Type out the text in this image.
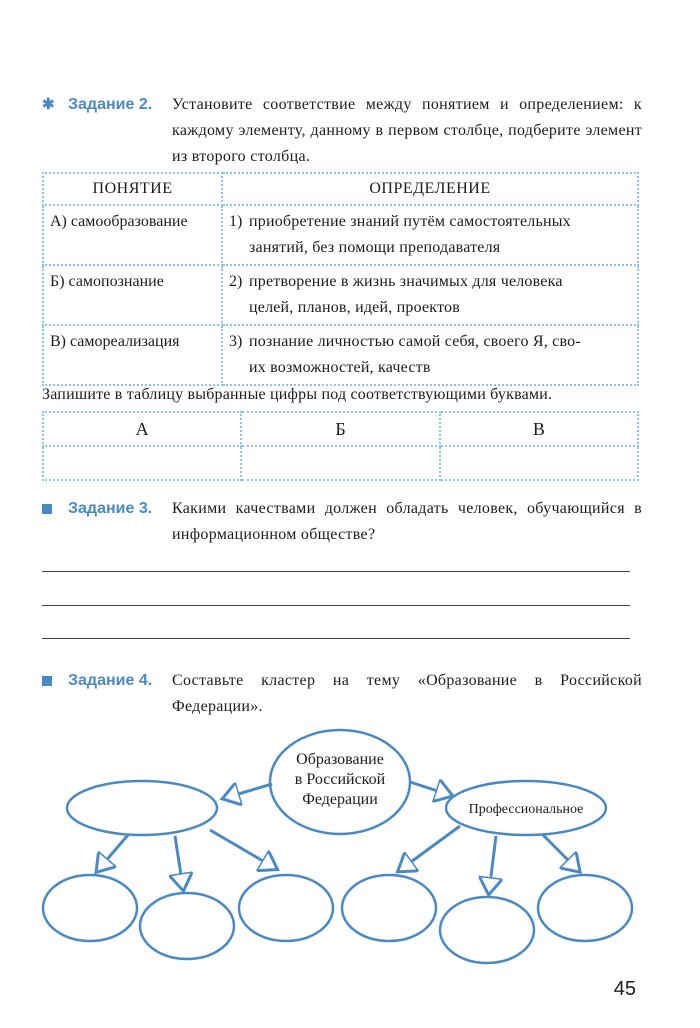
✱ Задание 2. Установите соответствие между понятием и определением: к каждому элементу, данному в первом столбце, подберите элемент из второго столбца.
ПОНЯТИЕ	ОПРЕДЕЛЕНИЕ
А) самообразование	1) приобретение знаний путём самостоятельных
занятий, без помощи преподавателя

Б) самопознание	2) претворение в жизнь значимых для человека
целей, планов, идей, проектов

В) самореализация	3) познание личностью самой себя, своего Я, сво-
их возможностей, качеств
Запишите в таблицу выбранные цифры под соответствующими буквами.
А	Б	В

Задание 3. Какими качествами должен обладать человек, обучающийся в информационном обществе?
Задание 4. Составьте кластер на тему «Образование в Российской Федерации».
Образование
в Российской
Федерации
Профессиональное
45
